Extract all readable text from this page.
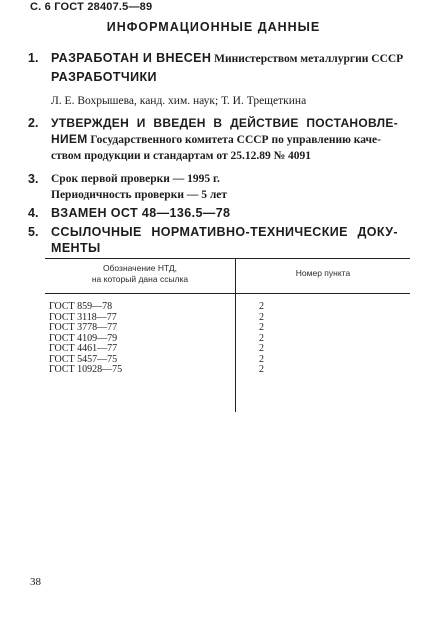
С. 6 ГОСТ 28407.5—89
ИНФОРМАЦИОННЫЕ ДАННЫЕ
1. РАЗРАБОТАН И ВНЕСЕН Министерством металлургии СССР
РАЗРАБОТЧИКИ
Л. Е. Вохрышева, канд. хим. наук; Т. И. Трещеткина
2. УТВЕРЖДЕН И ВВЕДЕН В ДЕЙСТВИЕ ПОСТАНОВЛЕ-
НИЕМ Государственного комитета СССР по управлению каче-
ством продукции и стандартам от 25.12.89 № 4091
3. Срок первой проверки — 1995 г.
Периодичность проверки — 5 лет
4. ВЗАМЕН ОСТ 48—136.5—78
5. ССЫЛОЧНЫЕ НОРМАТИВНО-ТЕХНИЧЕСКИЕ ДОКУ-
МЕНТЫ
Обозначение НТД,
на который дана ссылка
Номер пункта
ГОСТ 859—78
ГОСТ 3118—77
ГОСТ 3778—77
ГОСТ 4109—79
ГОСТ 4461—77
ГОСТ 5457—75
ГОСТ 10928—75
2
2
2
2
2
2
2
38
